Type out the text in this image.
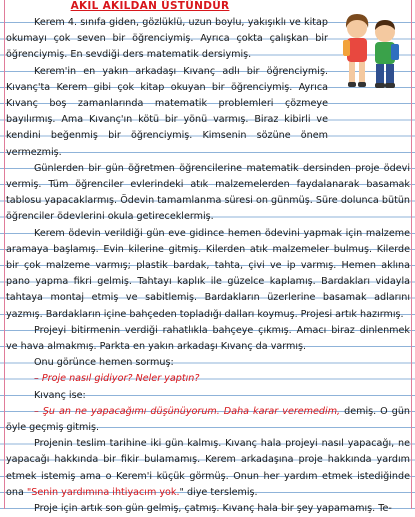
AKIL AKILDAN ÜSTÜNDÜR

Kerem 4. sınıfa giden, gözlüklü, uzun boylu, yakışıklı ve kitap okumayı çok seven bir öğrenciymiş. Ayrıca çokta çalışkan bir öğrenciymiş. En sevdiği ders matematik dersiymiş.

Kerem'in en yakın arkadaşı Kıvanç adlı bir öğrenciymiş. Kıvanç'ta Kerem gibi çok kitap okuyan bir öğrenciymiş. Ayrıca Kıvanç boş zamanlarında matematik problemleri çözmeye bayılırmış. Ama Kıvanç'ın kötü bir yönü varmış. Biraz kibirli ve kendini beğenmiş bir öğrenciymiş. Kimsenin sözüne önem vermezmiş.

Günlerden bir gün öğretmen öğrencilerine matematik dersinden proje ödevi vermiş. Tüm öğrenciler evlerindeki atık malzemelerden faydalanarak basamak tablosu yapacaklarmış. Ödevin tamamlanma süresi on günmüş. Süre dolunca bütün öğrenciler ödevlerini okula getireceklermiş.

Kerem ödevin verildiği gün eve gidince hemen ödevini yapmak için malzeme aramaya başlamış. Evin kilerine gitmiş. Kilerden atık malzemeler bulmuş. Kilerde bir çok malzeme varmış; plastik bardak, tahta, çivi ve ip varmış. Hemen aklına pano yapma fikri gelmiş. Tahtayı kaplık ile güzelce kaplamış. Bardakları vidayla tahtaya montaj etmiş ve sabitlemiş. Bardakların üzerlerine basamak adlarını yazmış. Bardakların içine bahçeden topladığı dalları koymuş. Projesi artık hazırmış.

Projeyi bitirmenin verdiği rahatlıkla bahçeye çıkmış. Amacı biraz dinlenmek ve hava almakmış. Parkta en yakın arkadaşı Kıvanç da varmış.

Onu görünce hemen sormuş:

– Proje nasıl gidiyor? Neler yaptın?

Kıvanç ise:

– Şu an ne yapacağımı düşünüyorum. Daha karar veremedim, demiş. O gün öyle geçmiş gitmiş.

Projenin teslim tarihine iki gün kalmış. Kıvanç hala projeyi nasıl yapacağı, ne yapacağı hakkında bir fikir bulamamış. Kerem arkadaşına proje hakkında yardım etmek istemiş ama o Kerem'i küçük görmüş. Onun her yardım etmek istediğinde ona "Senin yardımına ihtiyacım yok." diye terslemiş.

Proje için artık son gün gelmiş, çatmış. Kıvanç hala bir şey yapamamış. Te-
